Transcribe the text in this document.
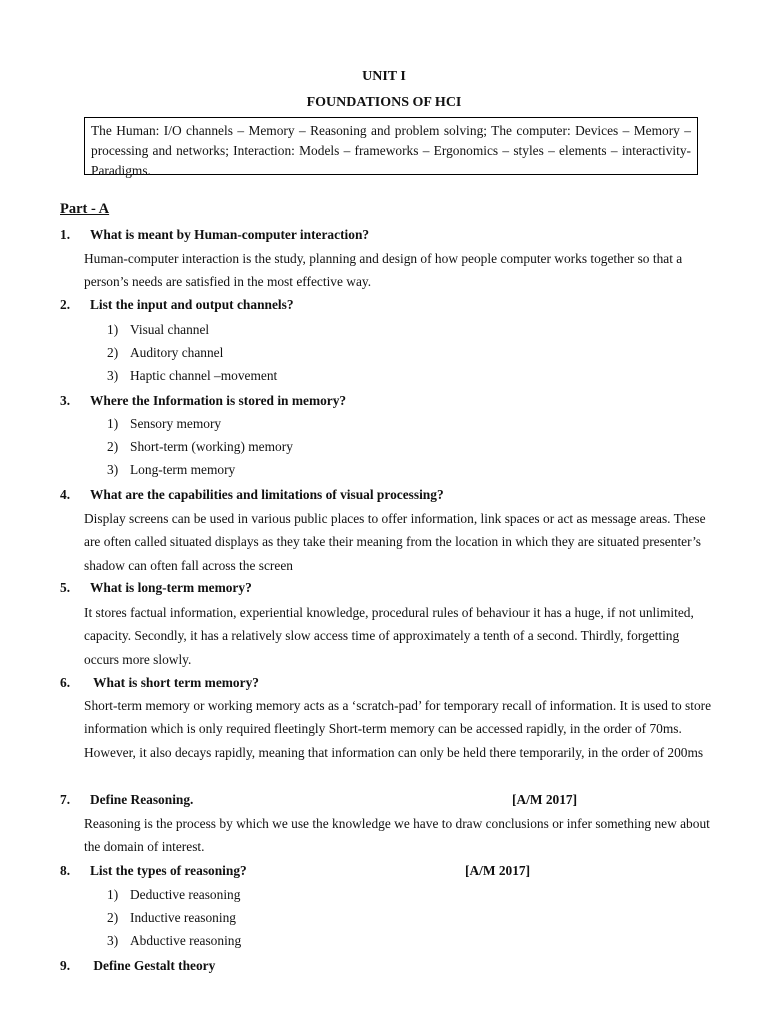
UNIT I
FOUNDATIONS OF HCI
The Human: I/O channels – Memory – Reasoning and problem solving; The computer: Devices – Memory – processing and networks; Interaction: Models – frameworks – Ergonomics – styles – elements – interactivity- Paradigms.
Part - A
1. What is meant by Human-computer interaction?
Human-computer interaction is the study, planning and design of how people computer works together so that a person’s needs are satisfied in the most effective way.
2. List the input and output channels?
1) Visual channel
2) Auditory channel
3) Haptic channel –movement
3. Where the Information is stored in memory?
1) Sensory memory
2) Short-term (working) memory
3) Long-term memory
4. What are the capabilities and limitations of visual processing?
Display screens can be used in various public places to offer information, link spaces or act as message areas. These are often called situated displays as they take their meaning from the location in which they are situated presenter’s shadow can often fall across the screen
5. What is long-term memory?
It stores factual information, experiential knowledge, procedural rules of behaviour it has a huge, if not unlimited, capacity. Secondly, it has a relatively slow access time of approximately a tenth of a second. Thirdly, forgetting occurs more slowly.
6. What is short term memory?
Short-term memory or working memory acts as a ‘scratch-pad’ for temporary recall of information. It is used to store information which is only required fleetingly Short-term memory can be accessed rapidly, in the order of 70ms. However, it also decays rapidly, meaning that information can only be held there temporarily, in the order of 200ms
7. Define Reasoning.	[A/M 2017]
Reasoning is the process by which we use the knowledge we have to draw conclusions or infer something new about the domain of interest.
8. List the types of reasoning?	[A/M 2017]
1) Deductive reasoning
2) Inductive reasoning
3) Abductive reasoning
9. Define Gestalt theory
